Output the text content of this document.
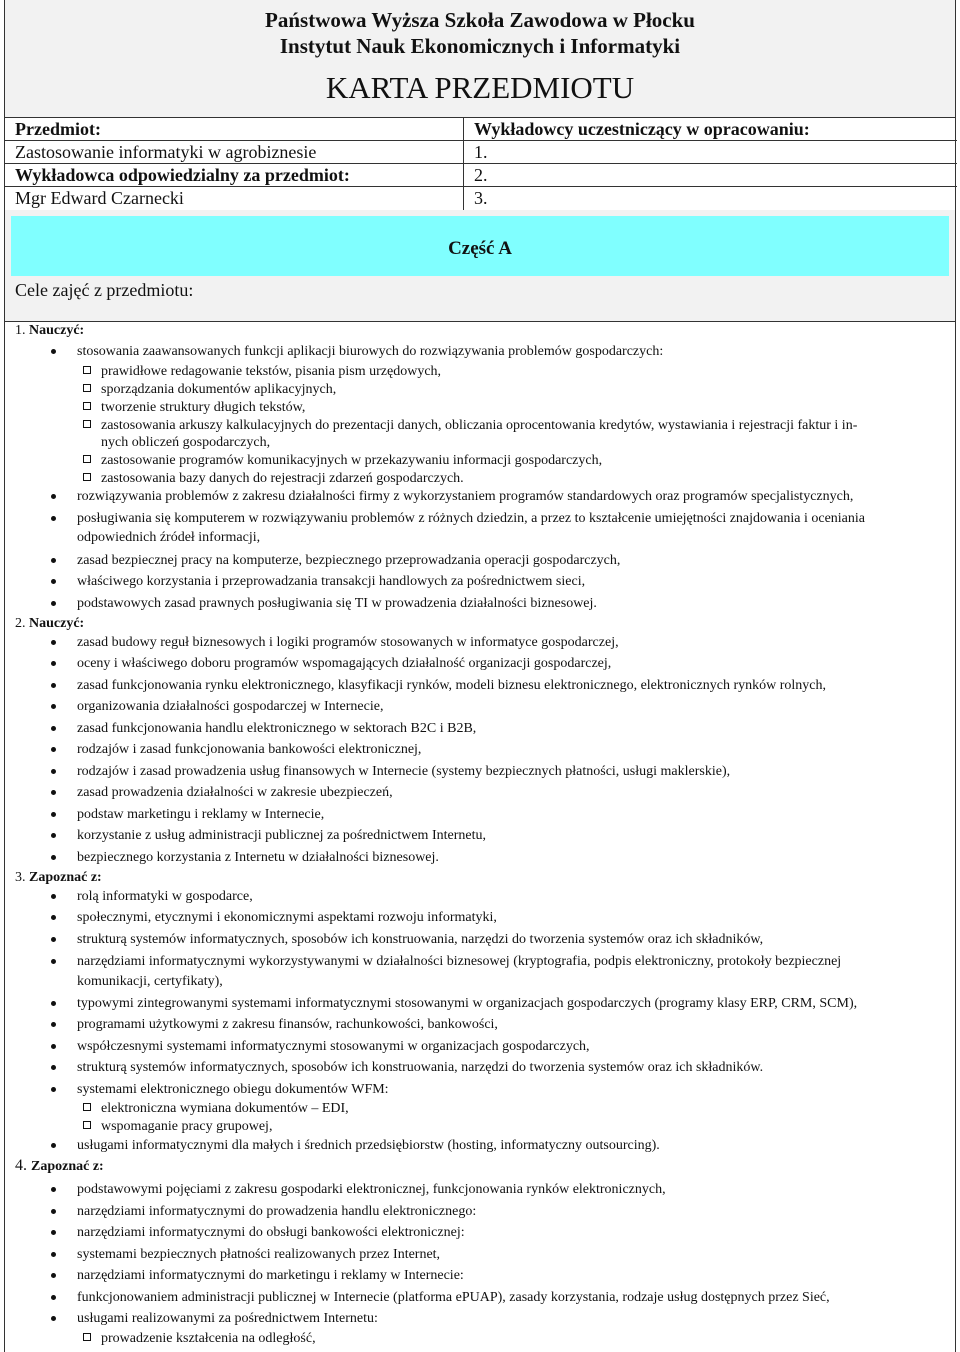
Państwowa Wyższa Szkoła Zawodowa w Płocku
Instytut Nauk Ekonomicznych i Informatyki
KARTA PRZEDMIOTU
Przedmiot:
Zastosowanie informatyki w agrobiznesie
Wykładowca odpowiedzialny za przedmiot:
Mgr Edward Czarnecki
Wykładowcy uczestniczący w opracowaniu:
1.
2.
3.
Część A
Cele zajęć z przedmiotu:
1. Nauczyć:
stosowania zaawansowanych funkcji aplikacji biurowych do rozwiązywania problemów gospodarczych:
prawidłowe redagowanie tekstów, pisania pism urzędowych,
sporządzania dokumentów aplikacyjnych,
tworzenie struktury długich tekstów,
zastosowania arkuszy kalkulacyjnych do prezentacji danych, obliczania oprocentowania kredytów, wystawiania i rejestracji faktur i in-
nych obliczeń gospodarczych,
zastosowanie programów komunikacyjnych w przekazywaniu informacji gospodarczych,
zastosowania bazy danych do rejestracji zdarzeń gospodarczych.
rozwiązywania problemów z zakresu działalności firmy z wykorzystaniem programów standardowych oraz programów specjalistycznych,
posługiwania się komputerem w rozwiązywaniu problemów z różnych dziedzin, a przez to kształcenie umiejętności znajdowania i oceniania
odpowiednich źródeł informacji,
zasad bezpiecznej pracy na komputerze, bezpiecznego przeprowadzania operacji gospodarczych,
właściwego korzystania i przeprowadzania transakcji handlowych za pośrednictwem sieci,
podstawowych zasad prawnych posługiwania się TI w prowadzenia działalności biznesowej.
2. Nauczyć:
zasad budowy reguł biznesowych i logiki programów stosowanych w informatyce gospodarczej,
oceny i właściwego doboru programów wspomagających działalność organizacji gospodarczej,
zasad funkcjonowania rynku elektronicznego, klasyfikacji rynków, modeli biznesu elektronicznego, elektronicznych rynków rolnych,
organizowania działalności gospodarczej w Internecie,
zasad funkcjonowania handlu elektronicznego w sektorach B2C i B2B,
rodzajów i zasad funkcjonowania bankowości elektronicznej,
rodzajów i zasad prowadzenia usług finansowych w Internecie (systemy bezpiecznych płatności, usługi maklerskie),
zasad prowadzenia działalności w zakresie ubezpieczeń,
podstaw marketingu i reklamy w Internecie,
korzystanie z usług administracji publicznej za pośrednictwem Internetu,
bezpiecznego korzystania z Internetu w działalności biznesowej.
3. Zapoznać z:
rolą informatyki w gospodarce,
społecznymi, etycznymi i ekonomicznymi aspektami rozwoju informatyki,
strukturą systemów informatycznych, sposobów ich konstruowania, narzędzi do tworzenia systemów oraz ich składników,
narzędziami informatycznymi wykorzystywanymi w działalności biznesowej (kryptografia, podpis elektroniczny, protokoły bezpiecznej
komunikacji, certyfikaty),
typowymi zintegrowanymi systemami informatycznymi stosowanymi w organizacjach gospodarczych (programy klasy ERP, CRM, SCM),
programami użytkowymi z zakresu finansów, rachunkowości, bankowości,
współczesnymi systemami informatycznymi stosowanymi w organizacjach gospodarczych,
strukturą systemów informatycznych, sposobów ich konstruowania, narzędzi do tworzenia systemów oraz ich składników.
systemami elektronicznego obiegu dokumentów WFM:
elektroniczna wymiana dokumentów – EDI,
wspomaganie pracy grupowej,
usługami informatycznymi dla małych i średnich przedsiębiorstw (hosting, informatyczny outsourcing).
4. Zapoznać z:
podstawowymi pojęciami z zakresu gospodarki elektronicznej, funkcjonowania rynków elektronicznych,
narzędziami informatycznymi do prowadzenia handlu elektronicznego:
narzędziami informatycznymi do obsługi bankowości elektronicznej:
systemami bezpiecznych płatności realizowanych przez Internet,
narzędziami informatycznymi do marketingu i reklamy w Internecie:
funkcjonowaniem administracji publicznej w Internecie (platforma ePUAP), zasady korzystania, rodzaje usług dostępnych przez Sieć,
usługami realizowanymi za pośrednictwem Internetu:
prowadzenie kształcenia na odległość,
